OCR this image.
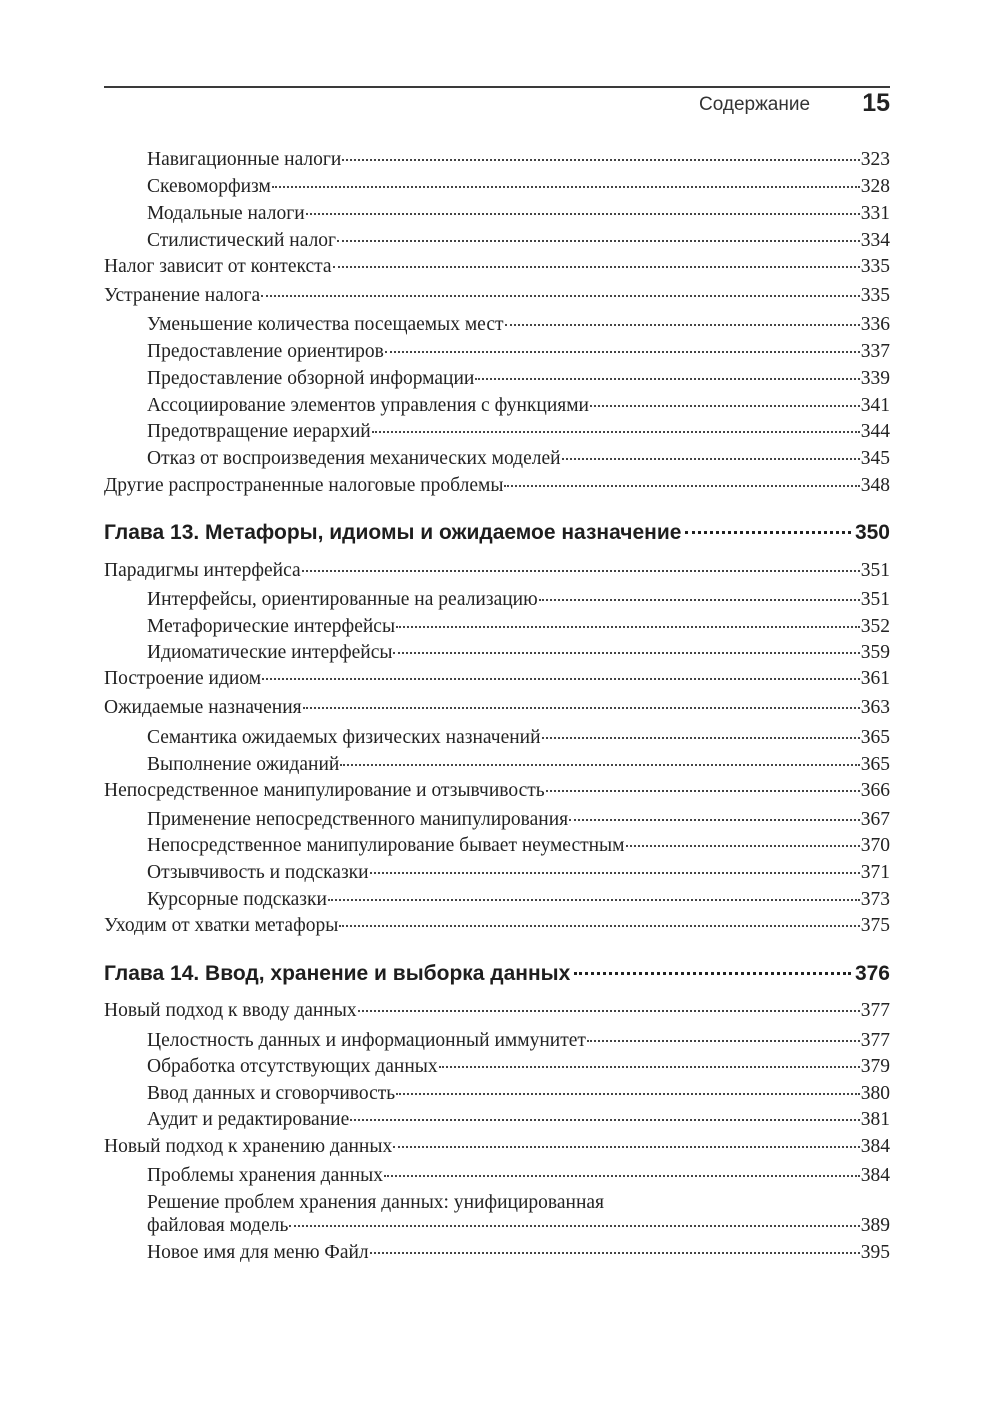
Содержание 15
Навигационные налоги	323
Скевоморфизм	328
Модальные налоги	331
Стилистический налог	334
Налог зависит от контекста	335
Устранение налога	335
Уменьшение количества посещаемых мест	336
Предоставление ориентиров	337
Предоставление обзорной информации	339
Ассоциирование элементов управления с функциями	341
Предотвращение иерархий	344
Отказ от воспроизведения механических моделей	345
Другие распространенные налоговые проблемы	348
Глава 13. Метафоры, идиомы и ожидаемое назначение	350
Парадигмы интерфейса	351
Интерфейсы, ориентированные на реализацию	351
Метафорические интерфейсы	352
Идиоматические интерфейсы	359
Построение идиом	361
Ожидаемые назначения	363
Семантика ожидаемых физических назначений	365
Выполнение ожиданий	365
Непосредственное манипулирование и отзывчивость	366
Применение непосредственного манипулирования	367
Непосредственное манипулирование бывает неуместным	370
Отзывчивость и подсказки	371
Курсорные подсказки	373
Уходим от хватки метафоры	375
Глава 14. Ввод, хранение и выборка данных	376
Новый подход к вводу данных	377
Целостность данных и информационный иммунитет	377
Обработка отсутствующих данных	379
Ввод данных и сговорчивость	380
Аудит и редактирование	381
Новый подход к хранению данных	384
Проблемы хранения данных	384
Решение проблем хранения данных: унифицированная
файловая модель	389
Новое имя для меню Файл	395
